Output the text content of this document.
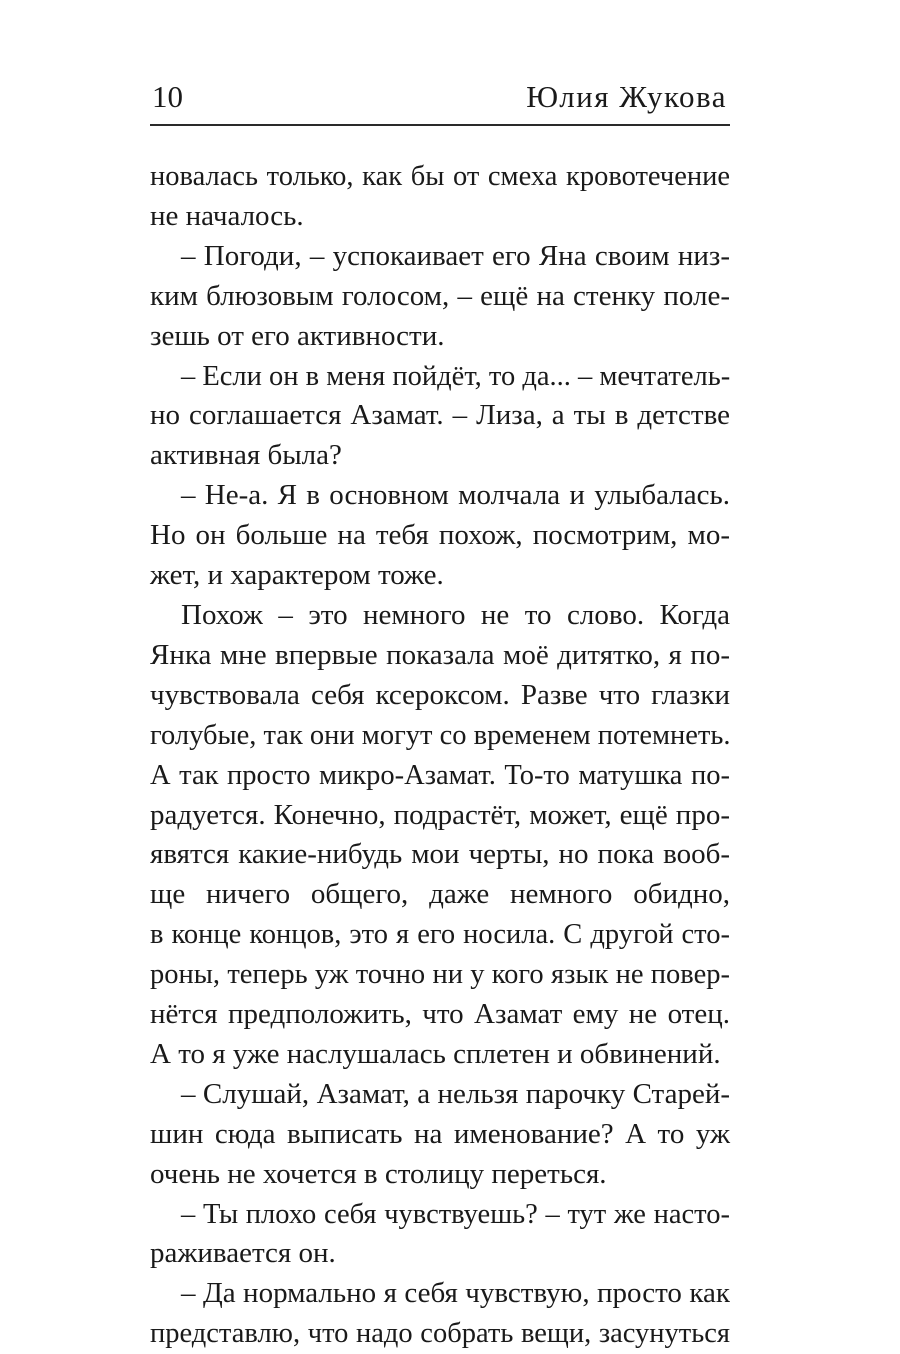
10	Юлия Жукова

новалась только, как бы от смеха кровотечение
не началось.

– Погоди, – успокаивает его Яна своим низ-
ким блюзовым голосом, – ещё на стенку поле-
зешь от его активности.

– Если он в меня пойдёт, то да... – мечтатель-
но соглашается Азамат. – Лиза, а ты в детстве
активная была?

– Не-а. Я в основном молчала и улыбалась.
Но он больше на тебя похож, посмотрим, мо-
жет, и характером тоже.

Похож – это немного не то слово. Когда
Янка мне впервые показала моё дитятко, я по-
чувствовала себя ксероксом. Разве что глазки
голубые, так они могут со временем потемнеть.
А так просто микро-Азамат. То-то матушка по-
радуется. Конечно, подрастёт, может, ещё про-
явятся какие-нибудь мои черты, но пока вооб-
ще ничего общего, даже немного обидно,
в конце концов, это я его носила. С другой сто-
роны, теперь уж точно ни у кого язык не повер-
нётся предположить, что Азамат ему не отец.
А то я уже наслушалась сплетен и обвинений.

– Слушай, Азамат, а нельзя парочку Старей-
шин сюда выписать на именование? А то уж
очень не хочется в столицу переться.

– Ты плохо себя чувствуешь? – тут же насто-
раживается он.

– Да нормально я себя чувствую, просто как
представлю, что надо собрать вещи, засунуться
